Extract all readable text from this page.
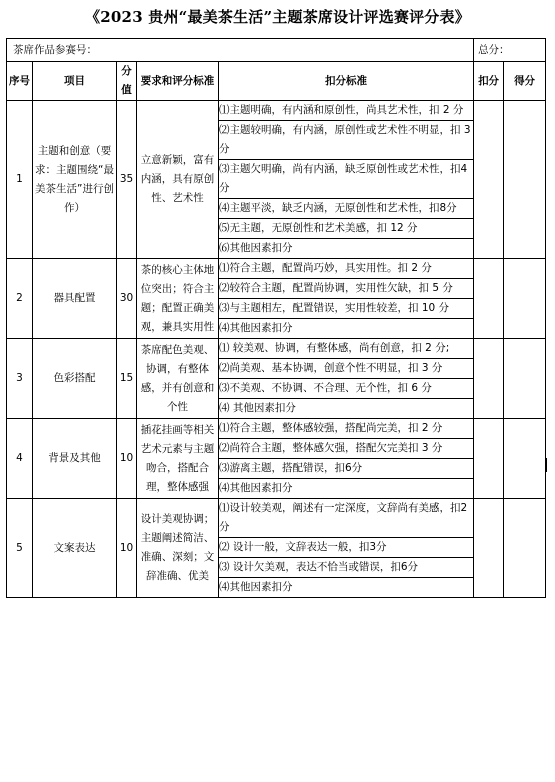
《2023 贵州“最美茶生活”主题茶席设计评选赛评分表》
茶席作品参赛号：					总分：	
序号	项目	分值	要求和评分标准	扣分标准	扣分	得分
1	主题和创意（要求：主题围绕“最美茶生活”进行创作）	35	立意新颖，富有内涵，具有原创性、艺术性	⑴主题明确，有内涵和原创性，尚具艺术性，扣 2 分		
				⑵主题较明确，有内涵，原创性或艺术性不明显，扣 3 分		
				⑶主题欠明确，尚有内涵，缺乏原创性或艺术性，扣4分		
				⑷主题平淡，缺乏内涵，无原创性和艺术性，扣8分		
				⑸无主题，无原创性和艺术美感，扣 12 分		
				⑹其他因素扣分		
2	器具配置	30	茶的核心主体地位突出；符合主题；配置正确美观，兼具实用性	⑴符合主题，配置尚巧妙，具实用性。扣 2 分		
				⑵较符合主题，配置尚协调，实用性欠缺，扣 5 分		
				⑶与主题相左，配置错误，实用性较差，扣 10 分		
				⑷其他因素扣分		
3	色彩搭配	15	茶席配色美观、协调，有整体感，并有创意和个性	⑴ 较美观、协调，有整体感，尚有创意，扣 2 分;		
				⑵尚美观、基本协调，创意个性不明显，扣 3 分		
				⑶不美观、不协调、不合理、无个性，扣 6 分		
				⑷ 其他因素扣分		
4	背景及其他	10	插花挂画等相关艺术元素与主题吻合，搭配合理，整体感强	⑴符合主题，整体感较强，搭配尚完美，扣 2 分		
				⑵尚符合主题，整体感欠强，搭配欠完美扣 3 分		
				⑶游离主题，搭配错误，扣6分		
				⑷其他因素扣分		
5	文案表达	10	设计美观协调；主题阐述简洁、准确、深刻；文辞准确、优美	⑴设计较美观，阐述有一定深度，文辞尚有美感，扣2分		
				⑵ 设计一般，文辞表达一般，扣3分		
				⑶ 设计欠美观，表达不恰当或错误，扣6分		
				⑷其他因素扣分		
